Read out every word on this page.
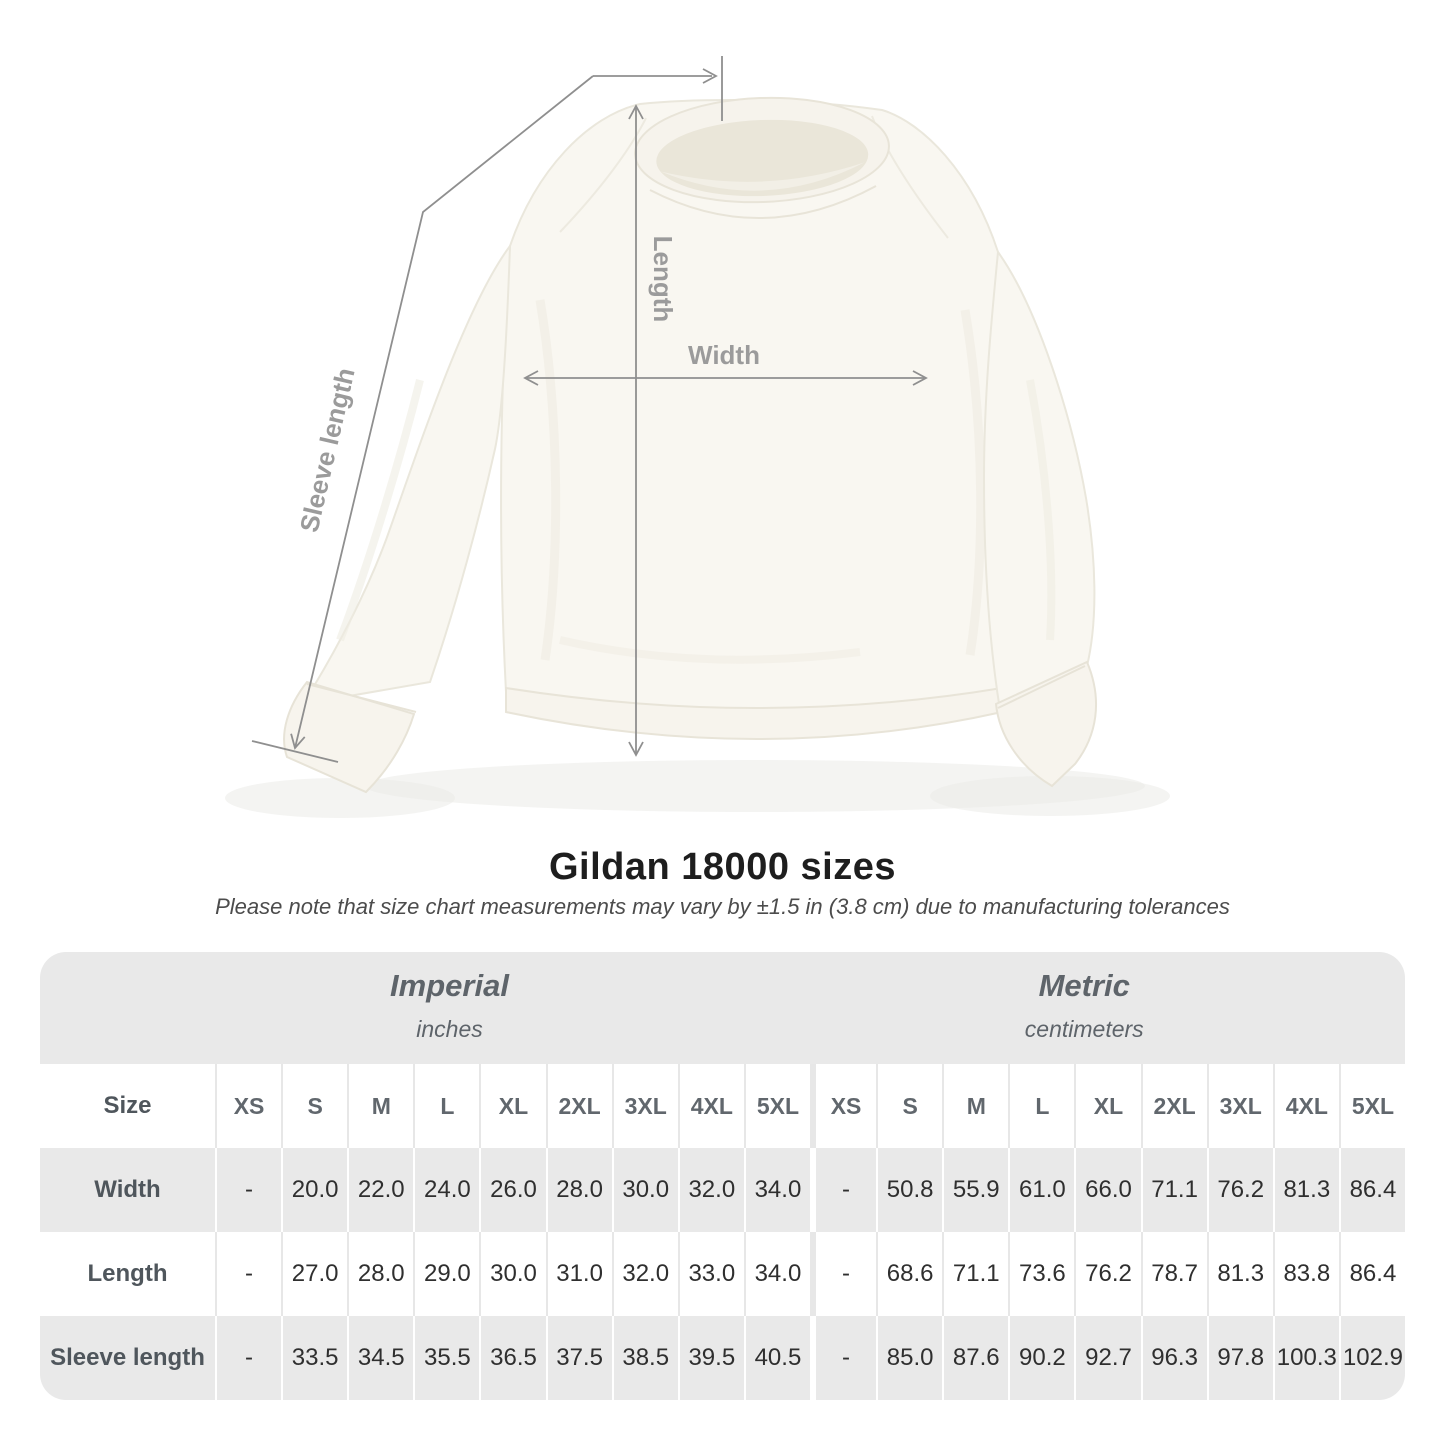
Width
Length
Sleeve length
Gildan 18000 sizes
Please note that size chart measurements may vary by ±1.5 in (3.8 cm) due to manufacturing tolerances
Imperial
inches
Metric
centimeters
Size	XS	S	M	L	XL	2XL	3XL	4XL	5XL	XS	S	M	L	XL	2XL	3XL	4XL	5XL
Width	-	20.0 22.0 24.0 26.0 28.0 30.0 32.0 34.0	-	50.8 55.9 61.0 66.0 71.1 76.2 81.3 86.4
Length	-	27.0 28.0 29.0 30.0 31.0 32.0 33.0 34.0	-	68.6 71.1 73.6 76.2 78.7 81.3 83.8 86.4
Sleeve length	-	33.5 34.5 35.5 36.5 37.5 38.5 39.5 40.5	-	85.0 87.6 90.2 92.7 96.3 97.8 100.3 102.9
